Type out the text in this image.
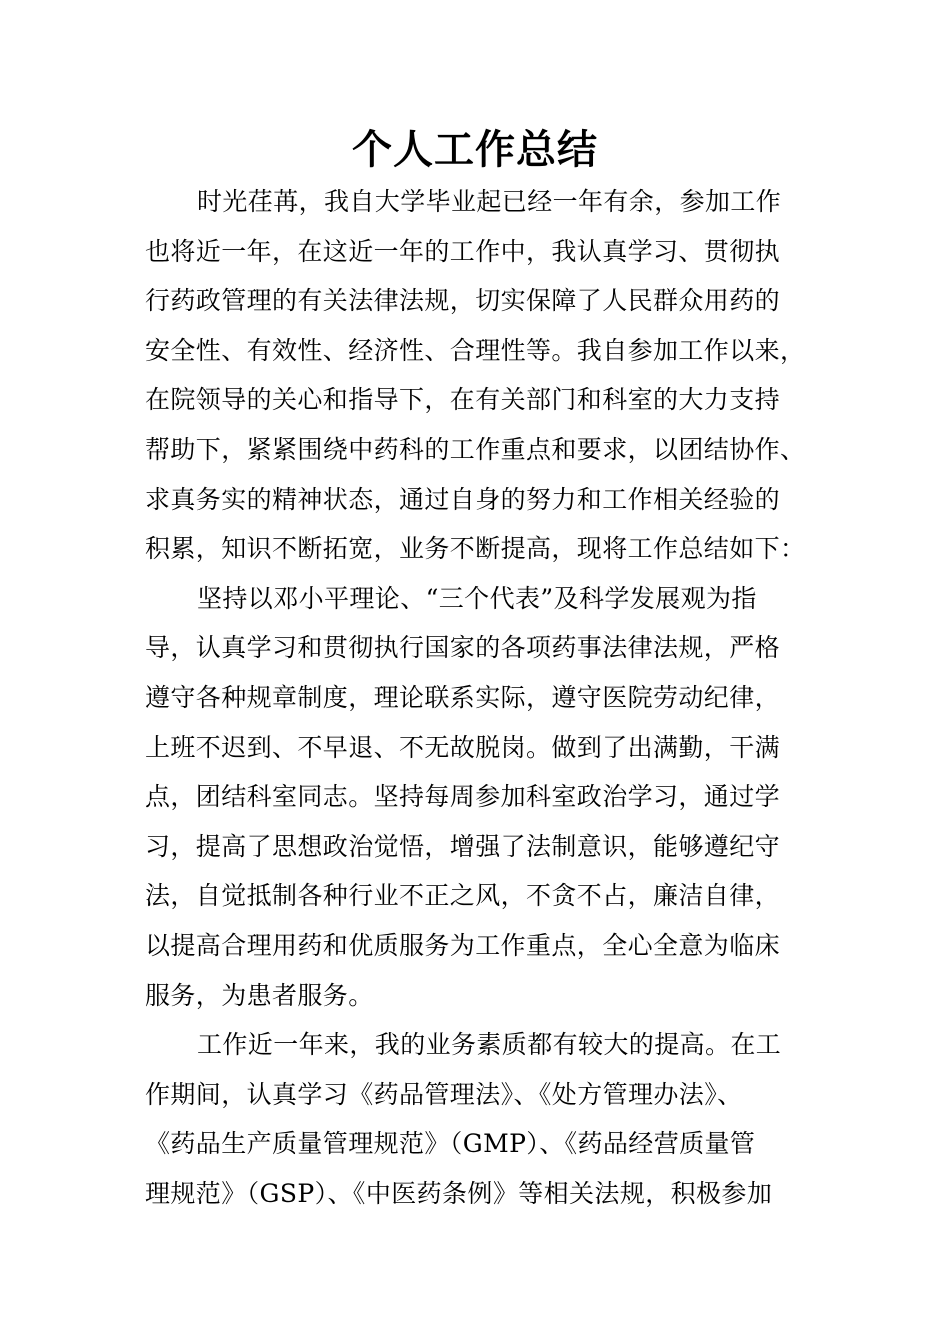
个人工作总结
时光荏苒，我自大学毕业起已经一年有余，参加工作
也将近一年，在这近一年的工作中，我认真学习、贯彻执
行药政管理的有关法律法规，切实保障了人民群众用药的
安全性、有效性、经济性、合理性等。我自参加工作以来，
在院领导的关心和指导下，在有关部门和科室的大力支持
帮助下，紧紧围绕中药科的工作重点和要求，以团结协作、
求真务实的精神状态，通过自身的努力和工作相关经验的
积累，知识不断拓宽，业务不断提高，现将工作总结如下：
坚持以邓小平理论、“三个代表”及科学发展观为指
导，认真学习和贯彻执行国家的各项药事法律法规，严格
遵守各种规章制度，理论联系实际，遵守医院劳动纪律，
上班不迟到、不早退、不无故脱岗。做到了出满勤，干满
点，团结科室同志。坚持每周参加科室政治学习，通过学
习，提高了思想政治觉悟，增强了法制意识，能够遵纪守
法，自觉抵制各种行业不正之风，不贪不占，廉洁自律，
以提高合理用药和优质服务为工作重点，全心全意为临床
服务，为患者服务。
工作近一年来，我的业务素质都有较大的提高。在工
作期间，认真学习《药品管理法》、《处方管理办法》、
《药品生产质量管理规范》（GMP）、《药品经营质量管
理规范》（GSP）、《中医药条例》等相关法规，积极参加
